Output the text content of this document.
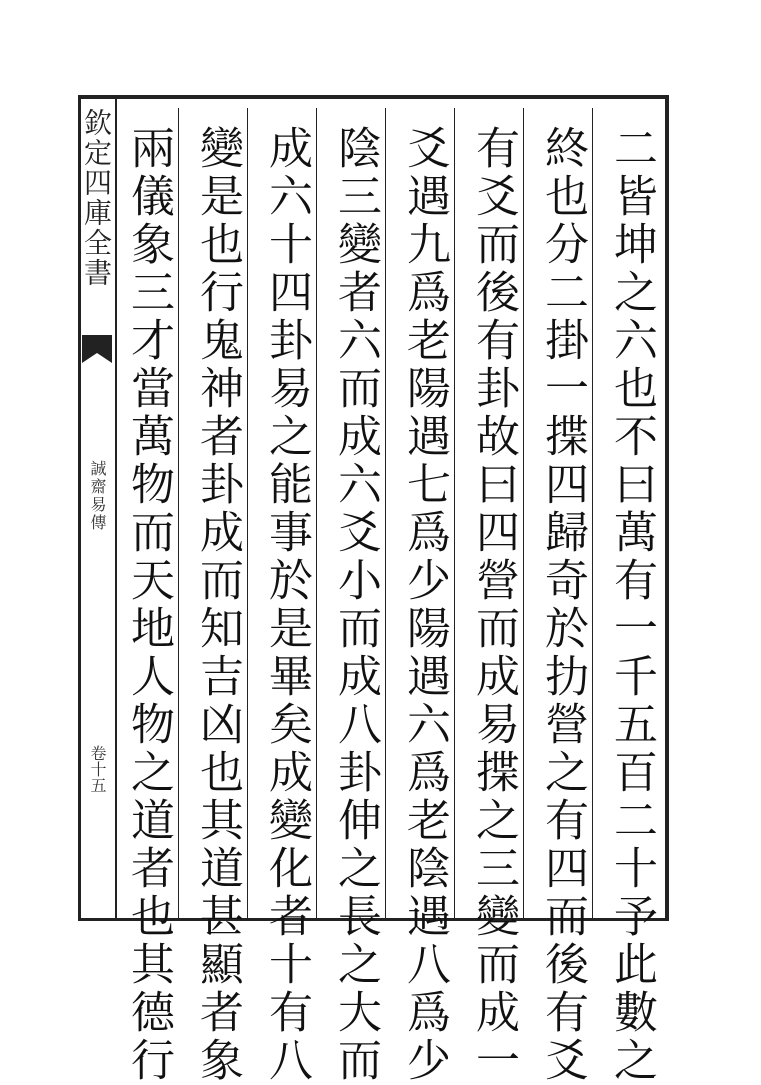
欽定四庫全書
誠齋易傳
卷十五	二皆坤之六也不曰萬有一千五百二十予此數之
終也分二掛一揲四歸奇於扐營之有四而後有爻
有爻而後有卦故曰四營而成易揲之三變而成一
爻遇九爲老陽遇七爲少陽遇六爲老陰遇八爲少
陰三變者六而成六爻小而成八卦伸之長之大而
成六十四卦易之能事於是畢矣成變化者十有八
變是也行鬼神者卦成而知吉凶也其道甚顯者象
兩儀象三才當萬物而天地人物之道者也其德行
